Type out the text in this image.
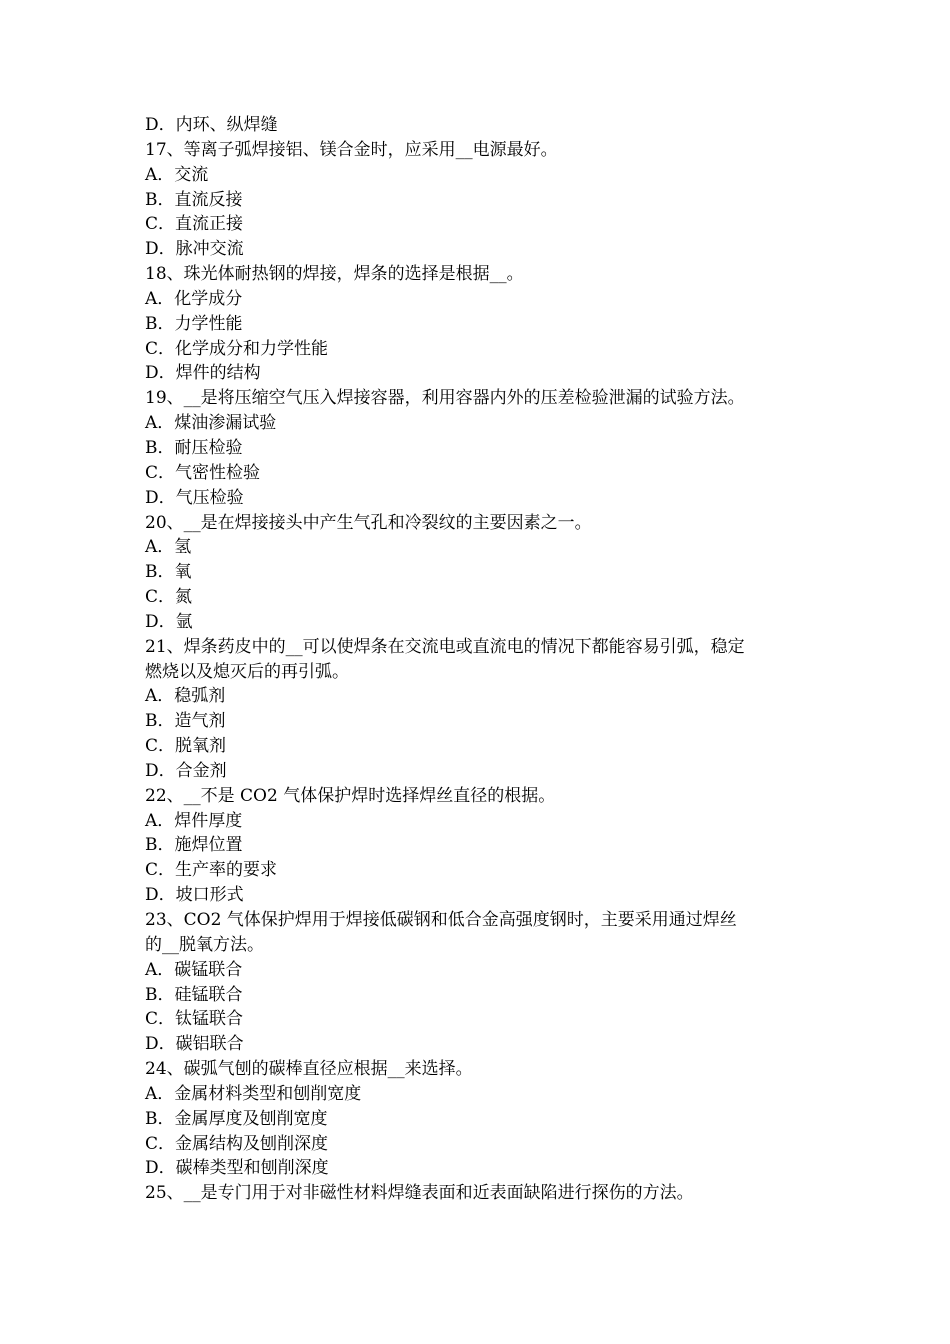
D．内环、纵焊缝

17、等离子弧焊接铝、镁合金时，应采用__电源最好。

A．交流

B．直流反接

C．直流正接

D．脉冲交流

18、珠光体耐热钢的焊接，焊条的选择是根据__。

A．化学成分

B．力学性能

C．化学成分和力学性能

D．焊件的结构

19、__是将压缩空气压入焊接容器，利用容器内外的压差检验泄漏的试验方法。

A．煤油渗漏试验

B．耐压检验

C．气密性检验

D．气压检验

20、__是在焊接接头中产生气孔和冷裂纹的主要因素之一。

A．氢

B．氧

C．氮

D．氩

21、焊条药皮中的__可以使焊条在交流电或直流电的情况下都能容易引弧，稳定

燃烧以及熄灭后的再引弧。

A．稳弧剂

B．造气剂

C．脱氧剂

D．合金剂

22、__不是 CO2 气体保护焊时选择焊丝直径的根据。

A．焊件厚度

B．施焊位置

C．生产率的要求

D．坡口形式

23、CO2 气体保护焊用于焊接低碳钢和低合金高强度钢时，主要采用通过焊丝

的__脱氧方法。

A．碳锰联合

B．硅锰联合

C．钛锰联合

D．碳铝联合

24、碳弧气刨的碳棒直径应根据__来选择。

A．金属材料类型和刨削宽度

B．金属厚度及刨削宽度

C．金属结构及刨削深度

D．碳棒类型和刨削深度

25、__是专门用于对非磁性材料焊缝表面和近表面缺陷进行探伤的方法。
